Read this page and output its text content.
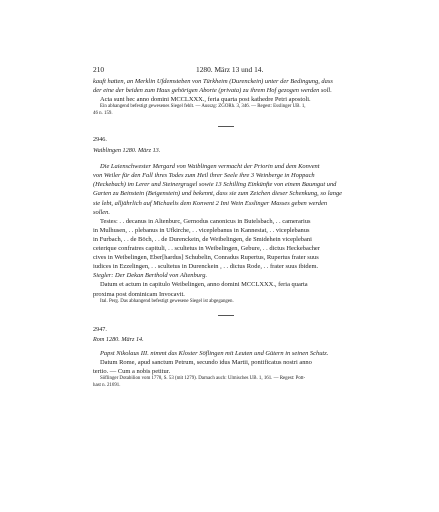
210	1280. März 13 und 14.

kauft hatten, an Merklin Ufdemsteben von Türkheim (Durenckein) unter der Bedingung, dass

der eine der beiden zum Haus gehörigen Aborte (privata) zu ihrem Hof gezogen werden soll.

Acta sunt hec anno domini MCCLXXX., feria quarta post kathedre Petri apostoli.

Ein abhangend befestigt gewesenes Siegel fehlt. — Ausszg: ZGORh. 3, 346. — Regest: Esslinger UB. 1,

46 n. 159.

2946.

Waiblingen 1280. März 13.

Die Laienschwester Mergard von Waiblingen vermacht der Priorin und dem Konvent

von Weiler für den Fall ihres Todes zum Heil ihrer Seele ihre 3 Weinberge in Hoppach

(Heckebach) im Lerer und Steinergrugel sowie 13 Schilling Einkünfte von einem Baumgut und

Garten zu Beinstein (Beigenstein) und bekennt, dass sie zum Zeichen dieser Schenkung, so lange

sie lebt, alljährlich auf Michaelis dem Konvent 2 Imi Wein Esslinger Masses geben werden

sollen.

Testes: . . decanus in Altenburc, Gernodus canonicus in Butelsbach, . . camerarius

in Mulhusen, . . plebanus in Ufkirche, . . viceplebanus in Kannestat, . . viceplebanus

in Furbach, . . de Böch, . . de Durenckein, de Weibelingen, de Smidehein viceplebani

ceterique confratres capituli, . . scultetus in Weibelingen, Gebure, . . dictus Heckebacher

cives in Weibelingen, Eber[hardus] Schubelin, Conradus Rupertus, Rupertus frater suus

iudices in Ezzelingen, . . scultetus in Durenckein , . . dictus Rode, . . frater suus ibidem.

Siegler: Der Dekan Berthold von Altenburg.

Datum et actum in capitulo Weibelingen, anno domini MCCLXXX., feria quarta

proxima post dominicam Invocavit.

Ital. Perg. Das abhangend befestigt gewesene Siegel ist abgegangen.

2947.

Rom 1280. März 14.

Papst Nikolaus III. nimmt das Kloster Söflingen mit Leuten und Gütern in seinen Schutz.

Datum Rome, apud sanctum Petrum, secundo idus Martii, pontificatus nostri anno

tertio. — Cum a nobis petitur.

Söflinger Dotabilion vom 1778, S. 53 (mit 1279). Darnach auch: Ulmisches UB. 1, 161. — Regest: Pott-

hast n. 21691.
